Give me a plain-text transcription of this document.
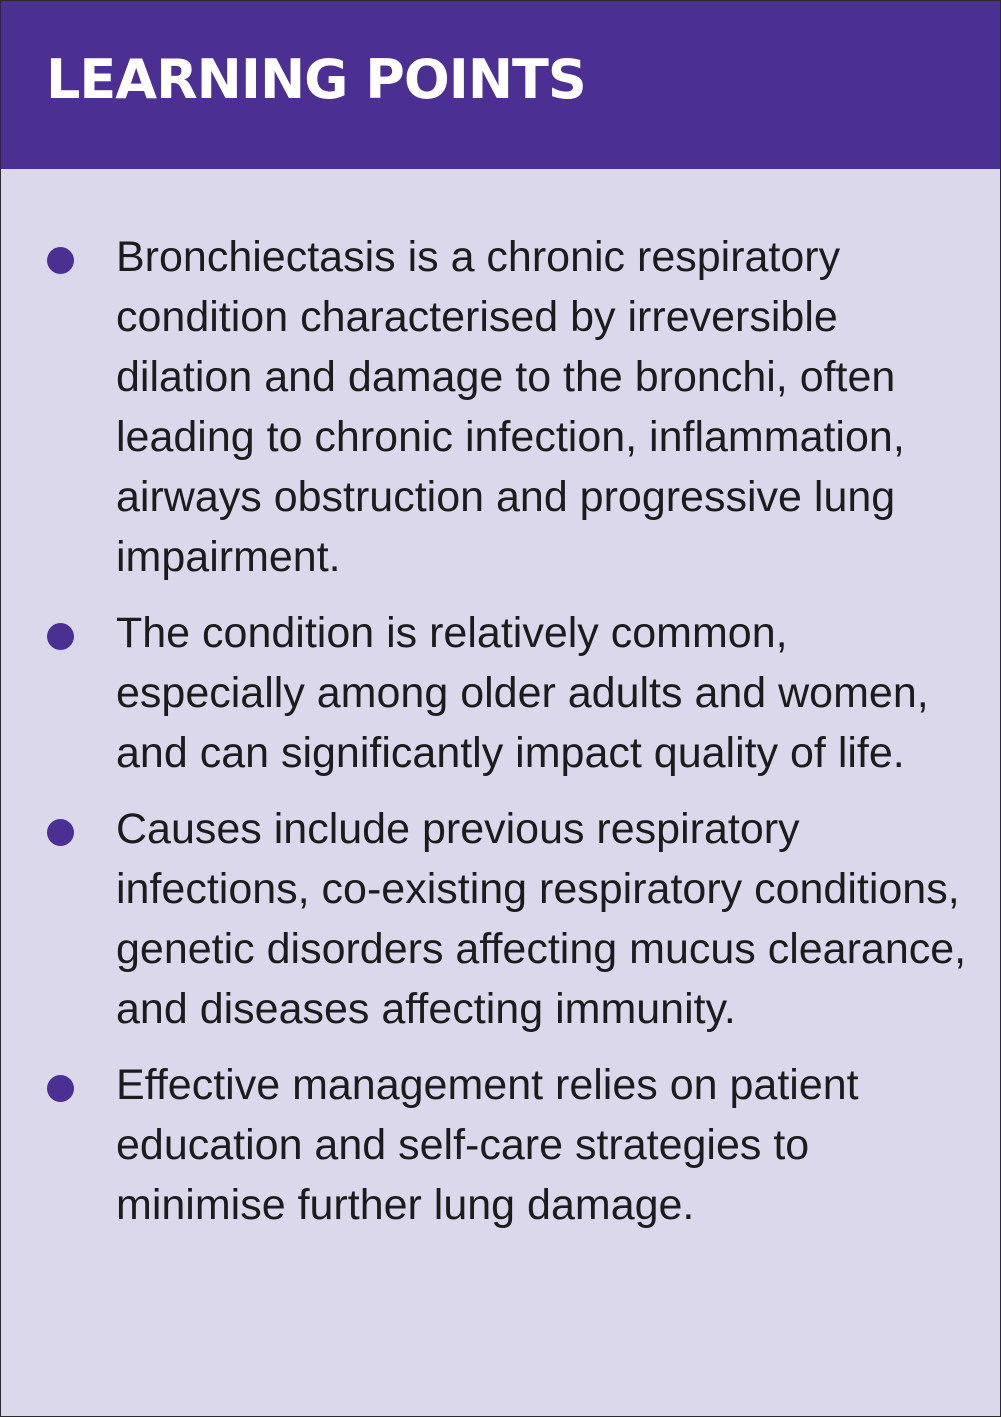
LEARNING POINTS
Bronchiectasis is a chronic respiratory condition characterised by irreversible dilation and damage to the bronchi, often leading to chronic infection, inflammation, airways obstruction and progressive lung impairment.
The condition is relatively common, especially among older adults and women, and can significantly impact quality of life.
Causes include previous respiratory infections, co-existing respiratory conditions, genetic disorders affecting mucus clearance, and diseases affecting immunity.
Effective management relies on patient education and self-care strategies to minimise further lung damage.
